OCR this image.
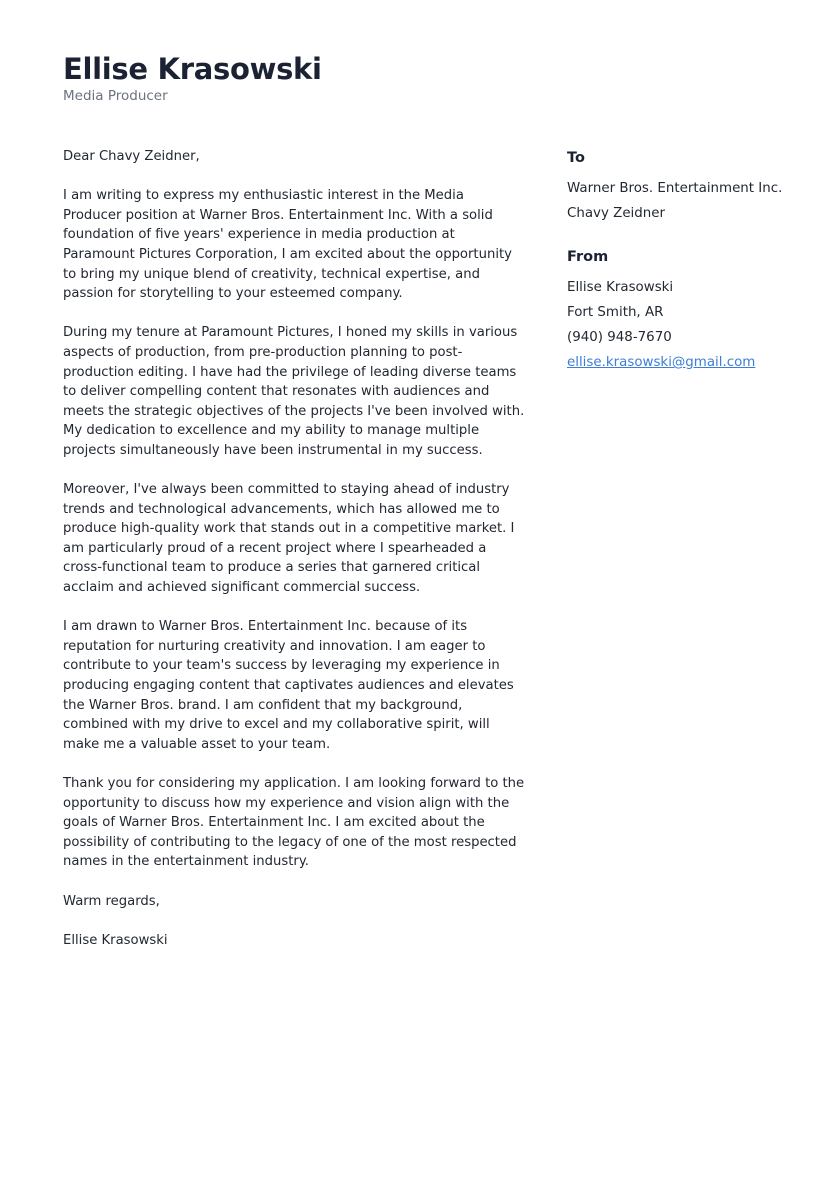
Ellise Krasowski
Media Producer

Dear Chavy Zeidner,

I am writing to express my enthusiastic interest in the Media Producer position at Warner Bros. Entertainment Inc. With a solid foundation of five years' experience in media production at Paramount Pictures Corporation, I am excited about the opportunity to bring my unique blend of creativity, technical expertise, and passion for storytelling to your esteemed company.

During my tenure at Paramount Pictures, I honed my skills in various aspects of production, from pre-production planning to post-production editing. I have had the privilege of leading diverse teams to deliver compelling content that resonates with audiences and meets the strategic objectives of the projects I've been involved with. My dedication to excellence and my ability to manage multiple projects simultaneously have been instrumental in my success.

Moreover, I've always been committed to staying ahead of industry trends and technological advancements, which has allowed me to produce high-quality work that stands out in a competitive market. I am particularly proud of a recent project where I spearheaded a cross-functional team to produce a series that garnered critical acclaim and achieved significant commercial success.

I am drawn to Warner Bros. Entertainment Inc. because of its reputation for nurturing creativity and innovation. I am eager to contribute to your team's success by leveraging my experience in producing engaging content that captivates audiences and elevates the Warner Bros. brand. I am confident that my background, combined with my drive to excel and my collaborative spirit, will make me a valuable asset to your team.

Thank you for considering my application. I am looking forward to the opportunity to discuss how my experience and vision align with the goals of Warner Bros. Entertainment Inc. I am excited about the possibility of contributing to the legacy of one of the most respected names in the entertainment industry.

Warm regards,

Ellise Krasowski

To
Warner Bros. Entertainment Inc.
Chavy Zeidner
From
Ellise Krasowski
Fort Smith, AR
(940) 948-7670
ellise.krasowski@gmail.com
